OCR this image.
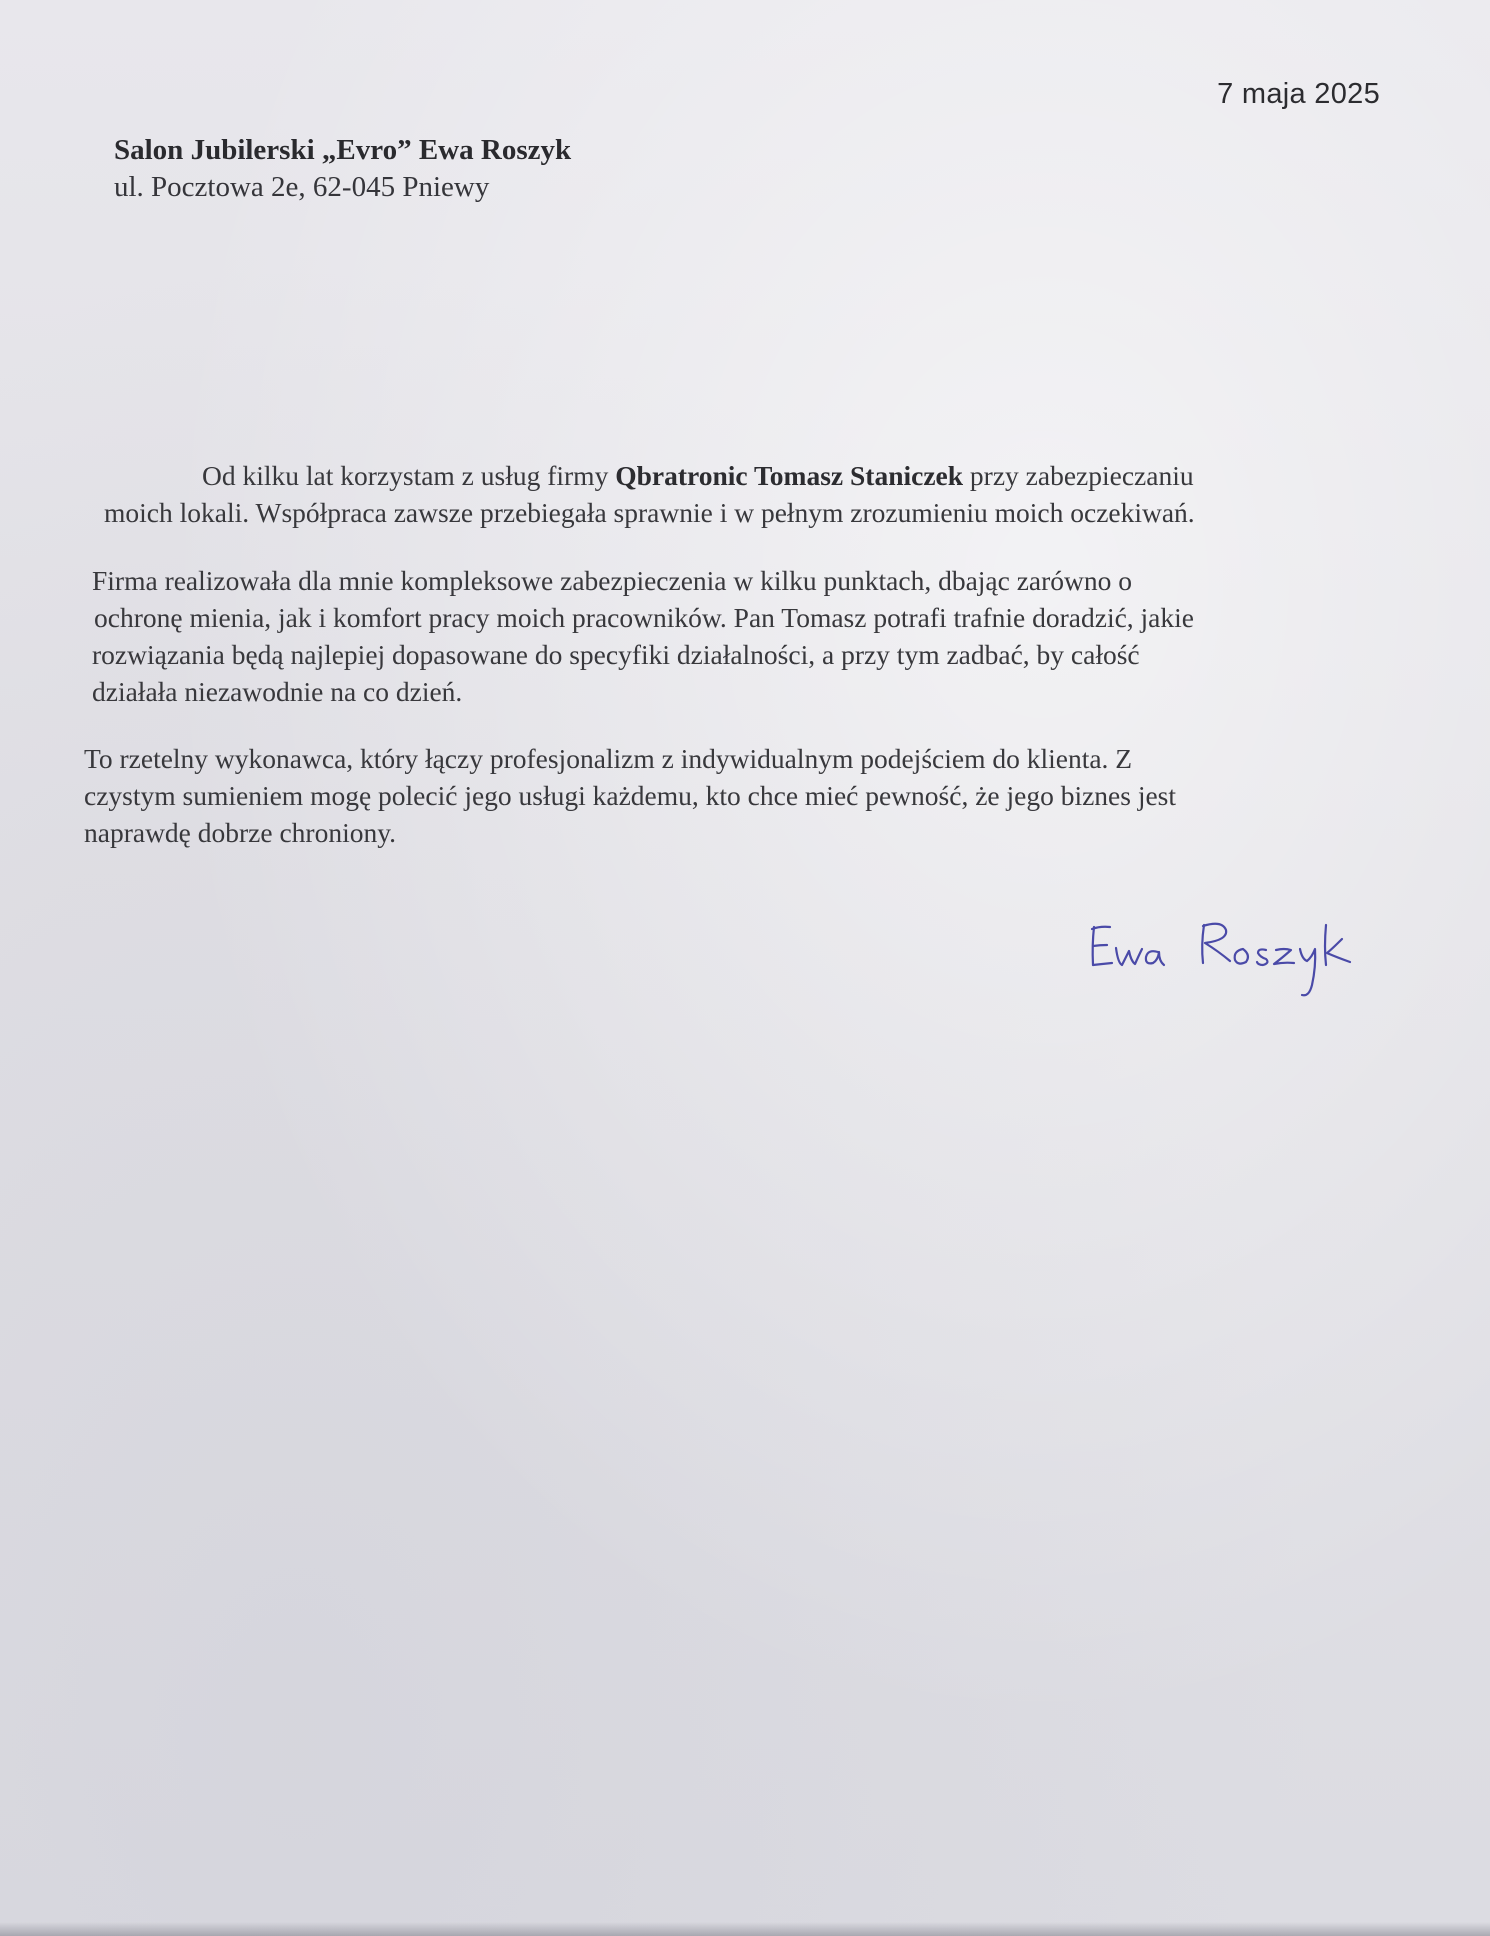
7 maja 2025
Salon Jubilerski „Evro” Ewa Roszyk
ul. Pocztowa 2e, 62-045 Pniewy
Od kilku lat korzystam z usług firmy Qbratronic Tomasz Staniczek przy zabezpieczaniu
moich lokali. Współpraca zawsze przebiegała sprawnie i w pełnym zrozumieniu moich oczekiwań.
Firma realizowała dla mnie kompleksowe zabezpieczenia w kilku punktach, dbając zarówno o
ochronę mienia, jak i komfort pracy moich pracowników. Pan Tomasz potrafi trafnie doradzić, jakie
rozwiązania będą najlepiej dopasowane do specyfiki działalności, a przy tym zadbać, by całość
działała niezawodnie na co dzień.
To rzetelny wykonawca, który łączy profesjonalizm z indywidualnym podejściem do klienta. Z
czystym sumieniem mogę polecić jego usługi każdemu, kto chce mieć pewność, że jego biznes jest
naprawdę dobrze chroniony.
